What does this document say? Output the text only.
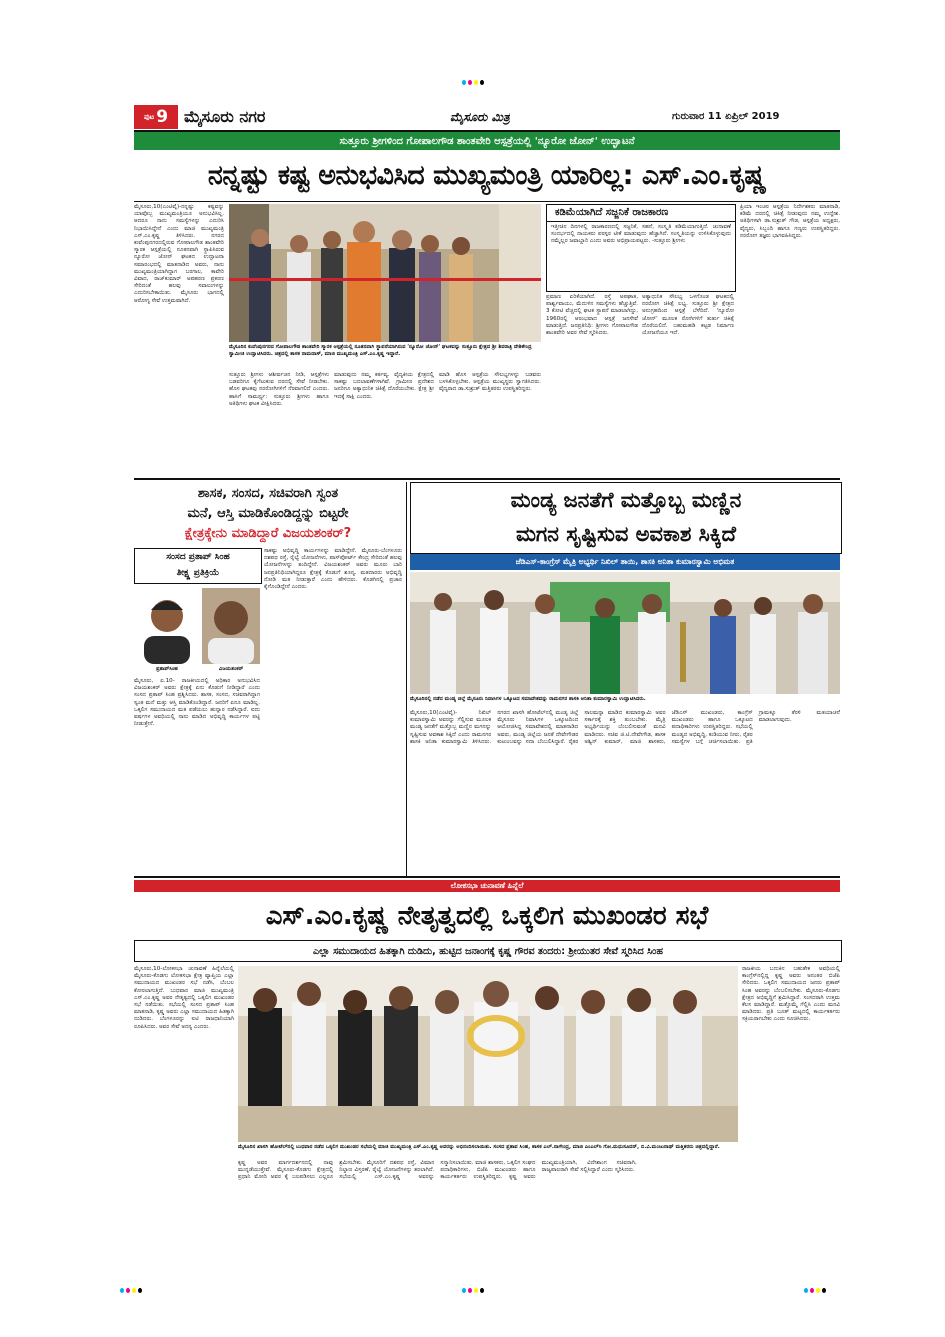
ಪುಟ 9 ಮೈಸೂರು ನಗರ	ಮೈಸೂರು ಮಿತ್ರ	ಗುರುವಾರ 11 ಏಪ್ರಿಲ್ 2019
ಸುತ್ತೂರು ಶ್ರೀಗಳಿಂದ ಗೋಪಾಲಗೌಡ ಶಾಂತವೇರಿ ಆಸ್ಪತ್ರೆಯಲ್ಲಿ 'ನ್ಯೂರೋ ಜೋನ್' ಉದ್ಘಾಟನೆ
ನನ್ನಷ್ಟು ಕಷ್ಟ ಅನುಭವಿಸಿದ ಮುಖ್ಯಮಂತ್ರಿ ಯಾರಿಲ್ಲ: ಎಸ್.ಎಂ.ಕೃಷ್ಣ
ಮೈಸೂರು,10(ಎಂಟಿವೈ)-ನನ್ನಷ್ಟು ಕಷ್ಟವನ್ನು ಯಾವೊಬ್ಬ ಮುಖ್ಯಮಂತ್ರಿಯೂ ಅನುಭವಿಸಿಲ್ಲ. ಆದರೂ ನಾನು ಸಮಸ್ಯೆಗಳನ್ನು ಎದುರಿಸಿ ನಿಭಾಯಿಸಿದ್ದೇನೆ ಎಂದು ಮಾಜಿ ಮುಖ್ಯಮಂತ್ರಿ ಎಸ್.ಎಂ.ಕೃಷ್ಣ ತಿಳಿಸಿದರು. ನಗರದ ಕುವೆಂಪುನಗರದಲ್ಲಿರುವ ಗೋಪಾಲಗೌಡ ಶಾಂತವೇರಿ ಸ್ಮಾರಕ ಆಸ್ಪತ್ರೆಯಲ್ಲಿ ನೂತನವಾಗಿ ಸ್ಥಾಪಿಸಿರುವ ನ್ಯೂರೋ ಜೋನ್ ಘಟಕದ ಉದ್ಘಾಟನಾ ಸಮಾರಂಭದಲ್ಲಿ ಮಾತನಾಡಿದ ಅವರು, ನಾನು ಮುಖ್ಯಮಂತ್ರಿಯಾಗಿದ್ದಾಗ ಬರಗಾಲ, ಕಾವೇರಿ ವಿವಾದ, ರಾಜ್‌ಕುಮಾರ್ ಅಪಹರಣ ಪ್ರಕರಣ ಸೇರಿದಂತೆ ಹಲವು ಸವಾಲುಗಳನ್ನು ಎದುರಿಸಬೇಕಾಯಿತು. ಮೈಸೂರು ಭಾಗದಲ್ಲಿ ಆರೋಗ್ಯ ಸೇವೆ ಉತ್ತಮವಾಗಿದೆ.
ಮೈಸೂರಿನ ಕುವೆಂಪುನಗರದ ಗೋಪಾಲಗೌಡ ಶಾಂತವೇರಿ ಸ್ಮಾರಕ ಆಸ್ಪತ್ರೆಯಲ್ಲಿ ನೂತನವಾಗಿ ಸ್ಥಾಪನೆಯಾಗಿರುವ 'ನ್ಯೂರೋ ಜೋನ್' ಘಟಕವನ್ನು ಸುತ್ತೂರು ಕ್ಷೇತ್ರದ ಶ್ರೀ ಶಿವರಾತ್ರಿ ದೇಶಿಕೇಂದ್ರ ಸ್ವಾಮೀಜಿ ಉದ್ಘಾಟಿಸಿದರು. ಚಿತ್ರದಲ್ಲಿ ಶಾಸಕ ರಾಮದಾಸ್, ಮಾಜಿ ಮುಖ್ಯಮಂತ್ರಿ ಎಸ್.ಎಂ.ಕೃಷ್ಣ ಇದ್ದಾರೆ.
ಸುತ್ತೂರು ಶ್ರೀಗಳು ಆಶೀರ್ವಚನ ನೀಡಿ, ಆಸ್ಪತ್ರೆಗಳು ಬಡವರಿಗೂ ಕೈಗೆಟುಕುವ ದರದಲ್ಲಿ ಸೇವೆ ನೀಡಬೇಕು. ಹೊಸ ಘಟಕವು ನರರೋಗಿಗಳಿಗೆ ನೆರವಾಗಲಿದೆ ಎಂದರು. ಹಾಸಿಗೆ ಸಾಮರ್ಥ್ಯ: ಸುತ್ತೂರು ಶ್ರೀಗಳು ಹಾಗೂ ಅತಿಥಿಗಳು ಘಟಕ ವೀಕ್ಷಿಸಿದರು.
ಮಾಡುವುದು ನಮ್ಮ ಕರ್ತವ್ಯ. ವೈದ್ಯಕೀಯ ಕ್ಷೇತ್ರದಲ್ಲಿ ಸಾಕಷ್ಟು ಬದಲಾವಣೆಗಳಾಗಿವೆ. ಗ್ರಾಮೀಣ ಪ್ರದೇಶದ ಜನರಿಗೂ ಅತ್ಯಾಧುನಿಕ ಚಿಕಿತ್ಸೆ ದೊರೆಯಬೇಕು. ಕ್ಷೇತ್ರ ಶ್ರೀ ಇದಕ್ಕೆ ಸಾಕ್ಷಿ ಎಂದರು.
ಮಾಡಿ ಹೊಸ ಆಸ್ಪತ್ರೆಯ ಸೌಲಭ್ಯಗಳನ್ನು ಬಡವರು ಬಳಸಿಕೊಳ್ಳಬೇಕು. ಆಸ್ಪತ್ರೆಯ ಮುಖ್ಯಸ್ಥರು ಸ್ವಾಗತಿಸಿದರು. ವೈದ್ಯರಾದ ಡಾ.ಸುಶ್ರುತ್ ಮತ್ತಿತರರು ಉಪಸ್ಥಿತರಿದ್ದರು.
ಕಡಿಮೆಯಾಗಿದೆ ಸಜ್ಜನಿಕೆ ರಾಜಕಾರಣ
ಇತ್ತೀಚಿನ ದಿನಗಳಲ್ಲಿ ರಾಜಕಾರಣದಲ್ಲಿ ಸಜ್ಜನಿಕೆ, ಸಹನೆ, ಸಂಸ್ಕೃತಿ ಕಡಿಮೆಯಾಗುತ್ತಿದೆ. ಚುನಾವಣೆ ಸಂದರ್ಭದಲ್ಲಿ ನಾಯಕರು ಪರಸ್ಪರ ಟೀಕೆ ಮಾಡುವುದು ಹೆಚ್ಚಾಗಿದೆ. ಸಂಸ್ಕೃತಿಯನ್ನು ಉಳಿಸಿಕೊಳ್ಳುವುದು ನಮ್ಮೆಲ್ಲರ ಜವಾಬ್ದಾರಿ ಎಂದು ಅವರು ಅಭಿಪ್ರಾಯಪಟ್ಟರು. -ಸುತ್ತೂರು ಶ್ರೀಗಳು
ಪ್ರಮಾಣ ಏರಿಕೆಯಾಗಿದೆ. ರಸ್ತೆ ಅಪಘಾತ, ಪಾರ್ಶ್ವವಾಯು, ಮೆದುಳಿನ ಸಮಸ್ಯೆಗಳು ಹೆಚ್ಚುತ್ತಿವೆ. 3 ಕೋಟಿ ವೆಚ್ಚದಲ್ಲಿ ಘಟಕ ಸ್ಥಾಪನೆ ಮಾಡಲಾಗಿದ್ದು, 1960ರಲ್ಲಿ ಆರಂಭವಾದ ಆಸ್ಪತ್ರೆ ಜನಸೇವೆ ಮಾಡುತ್ತಿದೆ. ಜನಪ್ರತಿನಿಧಿ: ಶ್ರೀಗಳು ಗೋಪಾಲಗೌಡ ಶಾಂತವೇರಿ ಅವರ ಸೇವೆ ಸ್ಮರಿಸಿದರು.
ಅತ್ಯಾಧುನಿಕ ಸೌಲಭ್ಯ ಒಳಗೊಂಡ ಘಟಕದಲ್ಲಿ ನರರೋಗ ಚಿಕಿತ್ಸೆ ಲಭ್ಯ. ಸುತ್ತೂರು ಶ್ರೀ ಕ್ಷೇತ್ರದ ಅನುಗ್ರಹದಿಂದ ಆಸ್ಪತ್ರೆ ಬೆಳೆದಿದೆ. 'ನ್ಯೂರೋ ಜೋನ್' ಮೂಲಕ ರೋಗಿಗಳಿಗೆ ತುರ್ತು ಚಿಕಿತ್ಸೆ ದೊರೆಯಲಿದೆ. ಬಹುಮಹಡಿ ಕಟ್ಟಡ ನಿರ್ಮಾಣ ಯೋಜನೆಯೂ ಇದೆ.
ಪ್ರಿಯಾ ಇಂಚರ ಆಸ್ಪತ್ರೆಯ ನಿರ್ದೇಶಕರು ಮಾತನಾಡಿ, ಕಡಿಮೆ ದರದಲ್ಲಿ ಚಿಕಿತ್ಸೆ ನೀಡುವುದು ನಮ್ಮ ಉದ್ದೇಶ. ಅತಿಥಿಗಳಾಗಿ ಡಾ.ಸುಶ್ರುತ್ ಗೌಡ, ಆಸ್ಪತ್ರೆಯ ಅಧ್ಯಕ್ಷರು, ವೈದ್ಯರು, ಸಿಬ್ಬಂದಿ ಹಾಗೂ ಗಣ್ಯರು ಉಪಸ್ಥಿತರಿದ್ದರು. ನರರೋಗ ತಜ್ಞರು ಭಾಗವಹಿಸಿದ್ದರು.
ಶಾಸಕ, ಸಂಸದ, ಸಚಿವರಾಗಿ ಸ್ವಂತ
ಮನೆ, ಆಸ್ತಿ ಮಾಡಿಕೊಂಡಿದ್ದನ್ನು ಬಿಟ್ಟರೇ
ಕ್ಷೇತ್ರಕ್ಕೇನು ಮಾಡಿದ್ದಾರೆ ವಿಜಯಶಂಕರ್?
ಸಂಸದ ಪ್ರತಾಪ್ ಸಿಂಹ
ತೀಕ್ಷ್ಣ ಪ್ರತಿಕ್ರಿಯೆ
ಪ್ರತಾಪ್‌ಸಿಂಹ	ವಿಜಯಶಂಕರ್
ಮೈಸೂರು, ಏ.10- ರಾಜಕೀಯದಲ್ಲಿ ಅಧಿಕಾರ ಅನುಭವಿಸಿದ ವಿಜಯಶಂಕರ್ ಅವರು ಕ್ಷೇತ್ರಕ್ಕೆ ಏನು ಕೊಡುಗೆ ನೀಡಿದ್ದಾರೆ ಎಂದು ಸಂಸದ ಪ್ರತಾಪ್ ಸಿಂಹ ಪ್ರಶ್ನಿಸಿದರು. ಶಾಸಕ, ಸಂಸದ, ಸಚಿವರಾಗಿದ್ದಾಗ ಸ್ವಂತ ಮನೆ ಮತ್ತು ಆಸ್ತಿ ಮಾಡಿಕೊಂಡಿದ್ದಾರೆ. ಜನರಿಗೆ ಏನೂ ಮಾಡಿಲ್ಲ. ಒಕ್ಕಲಿಗ ಸಮುದಾಯದ ಮತ ಪಡೆಯಲು ಹುನ್ನಾರ ನಡೆಸಿದ್ದಾರೆ. ಐದು ವರ್ಷಗಳ ಅವಧಿಯಲ್ಲಿ ನಾನು ಮಾಡಿದ ಅಭಿವೃದ್ಧಿ ಕಾರ್ಯಗಳ ಪಟ್ಟಿ ನೀಡುತ್ತೇನೆ.
ಸಾಕಷ್ಟು ಅಭಿವೃದ್ಧಿ ಕಾರ್ಯಗಳನ್ನು ಮಾಡಿದ್ದೇನೆ. ಮೈಸೂರು-ಬೆಂಗಳೂರು ದಶಪಥ ರಸ್ತೆ, ರೈಲ್ವೆ ಯೋಜನೆಗಳು, ಪಾಸ್‌ಪೋರ್ಟ್ ಕೇಂದ್ರ ಸೇರಿದಂತೆ ಹಲವು ಯೋಜನೆಗಳನ್ನು ತಂದಿದ್ದೇನೆ. ವಿಜಯಶಂಕರ್ ಅವರು ಮೂರು ಬಾರಿ ಜನಪ್ರತಿನಿಧಿಯಾಗಿದ್ದರೂ ಕ್ಷೇತ್ರಕ್ಕೆ ಕೊಡುಗೆ ಶೂನ್ಯ. ಮತದಾರರು ಅಭಿವೃದ್ಧಿ ನೋಡಿ ಮತ ನೀಡುತ್ತಾರೆ ಎಂದು ಹೇಳಿದರು. ಕೊಡಗಿನಲ್ಲಿ ಪ್ರಚಾರ ಕೈಗೊಂಡಿದ್ದೇನೆ ಎಂದರು.
ಮಂಡ್ಯ ಜನತೆಗೆ ಮತ್ತೊಬ್ಬ ಮಣ್ಣಿನ
ಮಗನ ಸೃಷ್ಟಿಸುವ ಅವಕಾಶ ಸಿಕ್ಕಿದೆ
ಜೆಡಿಎಸ್-ಕಾಂಗ್ರೆಸ್ ಮೈತ್ರಿ ಅಭ್ಯರ್ಥಿ ನಿಖಿಲ್ ತಾಯಿ, ಶಾಸಕಿ ಅನಿತಾ ಕುಮಾರಸ್ವಾಮಿ ಅಭಿಮತ
ಮೈಸೂರಿನಲ್ಲಿ ನಡೆದ ಮಂಡ್ಯ ಜಿಲ್ಲೆ ಮೈಸೂರು ನಿವಾಸಿಗಳ ಒಕ್ಕೂಟದ ಸಮಾವೇಶವನ್ನು ರಾಮನಗರ ಶಾಸಕಿ ಅನಿತಾ ಕುಮಾರಸ್ವಾಮಿ ಉದ್ಘಾಟಿಸಿದರು.
ಮೈಸೂರು,10(ಎಂಟಿವೈ)- ನಿಖಿಲ್ ಕುಮಾರಸ್ವಾಮಿ ಅವರನ್ನು ಗೆಲ್ಲಿಸುವ ಮೂಲಕ ಮಂಡ್ಯ ಜನತೆಗೆ ಮತ್ತೊಬ್ಬ ಮಣ್ಣಿನ ಮಗನನ್ನು ಸೃಷ್ಟಿಸುವ ಅವಕಾಶ ಸಿಕ್ಕಿದೆ ಎಂದು ರಾಮನಗರ ಶಾಸಕಿ ಅನಿತಾ ಕುಮಾರಸ್ವಾಮಿ ತಿಳಿಸಿದರು. ನಗರದ ಖಾಸಗಿ ಹೋಟೆಲ್‌ನಲ್ಲಿ ಮಂಡ್ಯ ಜಿಲ್ಲೆ ಮೈಸೂರು ನಿವಾಸಿಗಳ ಒಕ್ಕೂಟದಿಂದ ಆಯೋಜಿಸಿದ್ದ ಸಮಾವೇಶದಲ್ಲಿ ಮಾತನಾಡಿದ ಅವರು, ಮಂಡ್ಯ ಜಿಲ್ಲೆಯ ಜನತೆ ದೇವೇಗೌಡರ ಕುಟುಂಬವನ್ನು ಸದಾ ಬೆಂಬಲಿಸಿದ್ದಾರೆ. ರೈತರ ಸಾಲಮನ್ನಾ ಮಾಡಿದ ಕುಮಾರಸ್ವಾಮಿ ಅವರ ಸರ್ಕಾರಕ್ಕೆ ಶಕ್ತಿ ತುಂಬಬೇಕು. ಮೈತ್ರಿ ಅಭ್ಯರ್ಥಿಯನ್ನು ಬೆಂಬಲಿಸುವಂತೆ ಮನವಿ ಮಾಡಿದರು. ಸಚಿವ ಜಿ.ಟಿ.ದೇವೇಗೌಡ, ಶಾಸಕ ಅಶ್ವಿನ್ ಕುಮಾರ್, ಮಾಜಿ ಶಾಸಕರು, ಜೆಡಿಎಸ್ ಮುಖಂಡರು, ಕಾಂಗ್ರೆಸ್ ಮುಖಂಡರು ಹಾಗೂ ಒಕ್ಕೂಟದ ಪದಾಧಿಕಾರಿಗಳು ಉಪಸ್ಥಿತರಿದ್ದರು. ಸಭೆಯಲ್ಲಿ ಮಂಡ್ಯದ ಅಭಿವೃದ್ಧಿ, ಕುಡಿಯುವ ನೀರು, ರೈತರ ಸಮಸ್ಯೆಗಳ ಬಗ್ಗೆ ಚರ್ಚಿಸಲಾಯಿತು. ಪ್ರತಿ ಗ್ರಾಮಕ್ಕೂ ತೆರಳಿ ಮತಯಾಚನೆ ಮಾಡಲಾಗುವುದು.
ಲೋಕಸಭಾ ಚುನಾವಣೆ ಹಿನ್ನೆಲೆ
ಎಸ್.ಎಂ.ಕೃಷ್ಣ ನೇತೃತ್ವದಲ್ಲಿ ಒಕ್ಕಲಿಗ ಮುಖಂಡರ ಸಭೆ
ಎಲ್ಲಾ ಸಮುದಾಯದ ಹಿತಕ್ಕಾಗಿ ದುಡಿದು, ಹುಟ್ಟಿದ ಜನಾಂಗಕ್ಕೆ ಕೃಷ್ಣ ಗೌರವ ತಂದರು: ಶ್ರೀಯುತರ ಸೇವೆ ಸ್ಮರಿಸಿದ ಸಿಂಹ
ಮೈಸೂರು,10-ಲೋಕಸಭಾ ಚುನಾವಣೆ ಹಿನ್ನೆಲೆಯಲ್ಲಿ ಮೈಸೂರು-ಕೊಡಗು ಲೋಕಸಭಾ ಕ್ಷೇತ್ರ ವ್ಯಾಪ್ತಿಯ ಎಲ್ಲಾ ಸಮುದಾಯದ ಮುಖಂಡರ ಸಭೆ ನಡೆಸಿ, ಬೆಂಬಲ ಕೋರಲಾಗುತ್ತಿದೆ. ಬುಧವಾರ ಮಾಜಿ ಮುಖ್ಯಮಂತ್ರಿ ಎಸ್.ಎಂ.ಕೃಷ್ಣ ಅವರ ನೇತೃತ್ವದಲ್ಲಿ ಒಕ್ಕಲಿಗ ಮುಖಂಡರ ಸಭೆ ನಡೆಯಿತು. ಸಭೆಯಲ್ಲಿ ಸಂಸದ ಪ್ರತಾಪ್ ಸಿಂಹ ಮಾತನಾಡಿ, ಕೃಷ್ಣ ಅವರು ಎಲ್ಲಾ ಸಮುದಾಯದ ಹಿತಕ್ಕಾಗಿ ದುಡಿದರು. ಬೆಂಗಳೂರನ್ನು ಐಟಿ ರಾಜಧಾನಿಯಾಗಿ ರೂಪಿಸಿದರು. ಅವರ ಸೇವೆ ಅನನ್ಯ ಎಂದರು.
ಮೈಸೂರಿನ ಖಾಸಗಿ ಹೋಟೆಲ್‌ನಲ್ಲಿ ಬುಧವಾರ ನಡೆದ ಒಕ್ಕಲಿಗ ಮುಖಂಡರ ಸಭೆಯಲ್ಲಿ ಮಾಜಿ ಮುಖ್ಯಮಂತ್ರಿ ಎಸ್.ಎಂ.ಕೃಷ್ಣ ಅವರನ್ನು ಅಭಿನಂದಿಸಲಾಯಿತು. ಸಂಸದ ಪ್ರತಾಪ ಸಿಂಹ, ಶಾಸಕ ಎಲ್.ನಾಗೇಂದ್ರ, ಮಾಜಿ ಎಂಎಲ್‌ಸಿ ಗೋ.ಮಧುಸೂದನ್, ಬಿ.ವಿ.ಮಂಜುನಾಥ್ ಮತ್ತಿತರರು ಚಿತ್ರದಲ್ಲಿದ್ದಾರೆ.
ಕೃಷ್ಣ ಅವರ ಮಾರ್ಗದರ್ಶನದಲ್ಲಿ ನಾವು ಮುನ್ನಡೆಯುತ್ತೇವೆ. ಮೈಸೂರು-ಕೊಡಗು ಕ್ಷೇತ್ರದಲ್ಲಿ ಪ್ರಧಾನಿ ಮೋದಿ ಅವರ ಕೈ ಬಲಪಡಿಸಲು ಎಲ್ಲರೂ ಶ್ರಮಿಸಬೇಕು. ಮೈಸೂರಿಗೆ ದಶಪಥ ರಸ್ತೆ, ವಿಮಾನ ನಿಲ್ದಾಣ ವಿಸ್ತರಣೆ, ರೈಲ್ವೆ ಯೋಜನೆಗಳನ್ನು ತರಲಾಗಿದೆ. ಸಭೆಯಲ್ಲಿ ಎಸ್.ಎಂ.ಕೃಷ್ಣ ಅವರನ್ನು ಸನ್ಮಾನಿಸಲಾಯಿತು. ಮಾಜಿ ಶಾಸಕರು, ಒಕ್ಕಲಿಗ ಸಂಘದ ಪದಾಧಿಕಾರಿಗಳು, ಬಿಜೆಪಿ ಮುಖಂಡರು ಹಾಗೂ ಕಾರ್ಯಕರ್ತರು ಉಪಸ್ಥಿತರಿದ್ದರು. ಕೃಷ್ಣ ಅವರು ಮುಖ್ಯಮಂತ್ರಿಯಾಗಿ, ವಿದೇಶಾಂಗ ಸಚಿವರಾಗಿ, ರಾಜ್ಯಪಾಲರಾಗಿ ಸೇವೆ ಸಲ್ಲಿಸಿದ್ದಾರೆ ಎಂದು ಸ್ಮರಿಸಿದರು.
ರಾಜಕೀಯ ಬದುಕಿನ ಬಹುತೇಕ ಅವಧಿಯಲ್ಲಿ ಕಾಂಗ್ರೆಸ್‌ನಲ್ಲಿದ್ದ ಕೃಷ್ಣ ಅವರು ಅನಂತರ ಬಿಜೆಪಿ ಸೇರಿದರು. ಒಕ್ಕಲಿಗ ಸಮುದಾಯದ ಜನರು ಪ್ರತಾಪ್ ಸಿಂಹ ಅವರನ್ನು ಬೆಂಬಲಿಸಬೇಕು. ಮೈಸೂರು-ಕೊಡಗು ಕ್ಷೇತ್ರದ ಅಭಿವೃದ್ಧಿಗೆ ಶ್ರಮಿಸಿದ್ದಾರೆ. ಸಂಸದರಾಗಿ ಉತ್ತಮ ಕೆಲಸ ಮಾಡಿದ್ದಾರೆ. ಮತ್ತೊಮ್ಮೆ ಗೆಲ್ಲಿಸಿ ಎಂದು ಮನವಿ ಮಾಡಿದರು. ಪ್ರತಿ ಬೂತ್ ಮಟ್ಟದಲ್ಲಿ ಕಾರ್ಯಕರ್ತರು ಸಕ್ರಿಯರಾಗಬೇಕು ಎಂದು ಸೂಚಿಸಿದರು.
